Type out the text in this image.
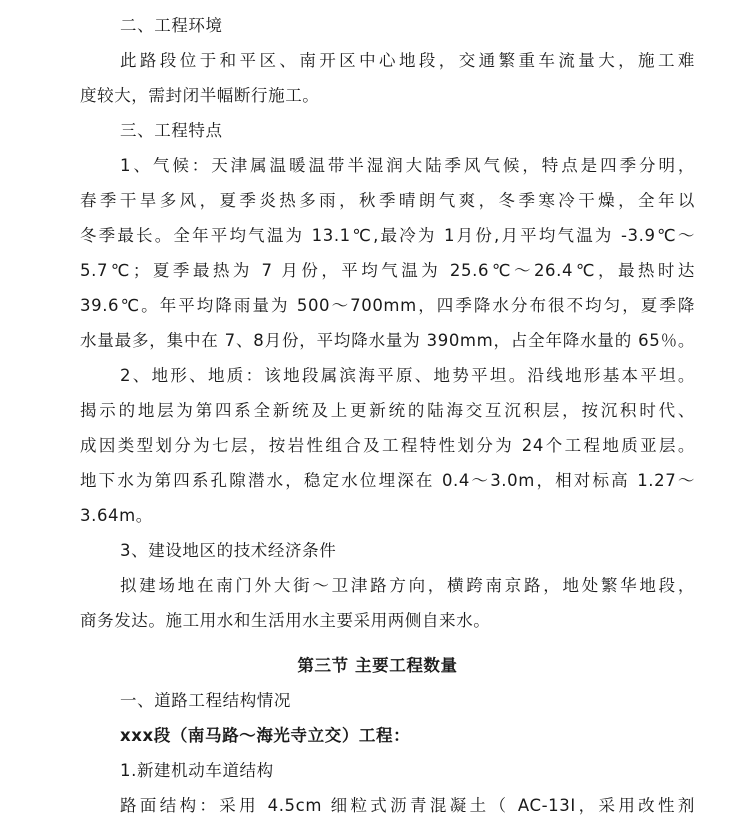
二、工程环境
此路段位于和平区、南开区中心地段，交通繁重车流量大，施工难
度较大，需封闭半幅断行施工。
三、工程特点
1、气候：天津属温暖温带半湿润大陆季风气候，特点是四季分明，
春季干旱多风，夏季炎热多雨，秋季晴朗气爽，冬季寒冷干燥，全年以
冬季最长。全年平均气温为 13.1℃,最冷为 1月份,月平均气温为 -3.9℃～
5.7℃；夏季最热为 7 月份，平均气温为 25.6℃～26.4℃，最热时达
39.6℃。年平均降雨量为 500～700mm，四季降水分布很不均匀，夏季降
水量最多，集中在 7、8月份，平均降水量为 390mm，占全年降水量的 65％。
2、地形、地质：该地段属滨海平原、地势平坦。沿线地形基本平坦。
揭示的地层为第四系全新统及上更新统的陆海交互沉积层，按沉积时代、
成因类型划分为七层，按岩性组合及工程特性划分为 24个工程地质亚层。
地下水为第四系孔隙潜水，稳定水位埋深在 0.4～3.0m，相对标高 1.27～
3.64m。
3、建设地区的技术经济条件
拟建场地在南门外大街～卫津路方向，横跨南京路，地处繁华地段，
商务发达。施工用水和生活用水主要采用两侧自来水。
第三节 主要工程数量
一、道路工程结构情况
xxx段（南马路～海光寺立交）工程：
1.新建机动车道结构
路面结构：采用 4.5cm 细粒式沥青混凝土（ AC-13I，采用改性剂
